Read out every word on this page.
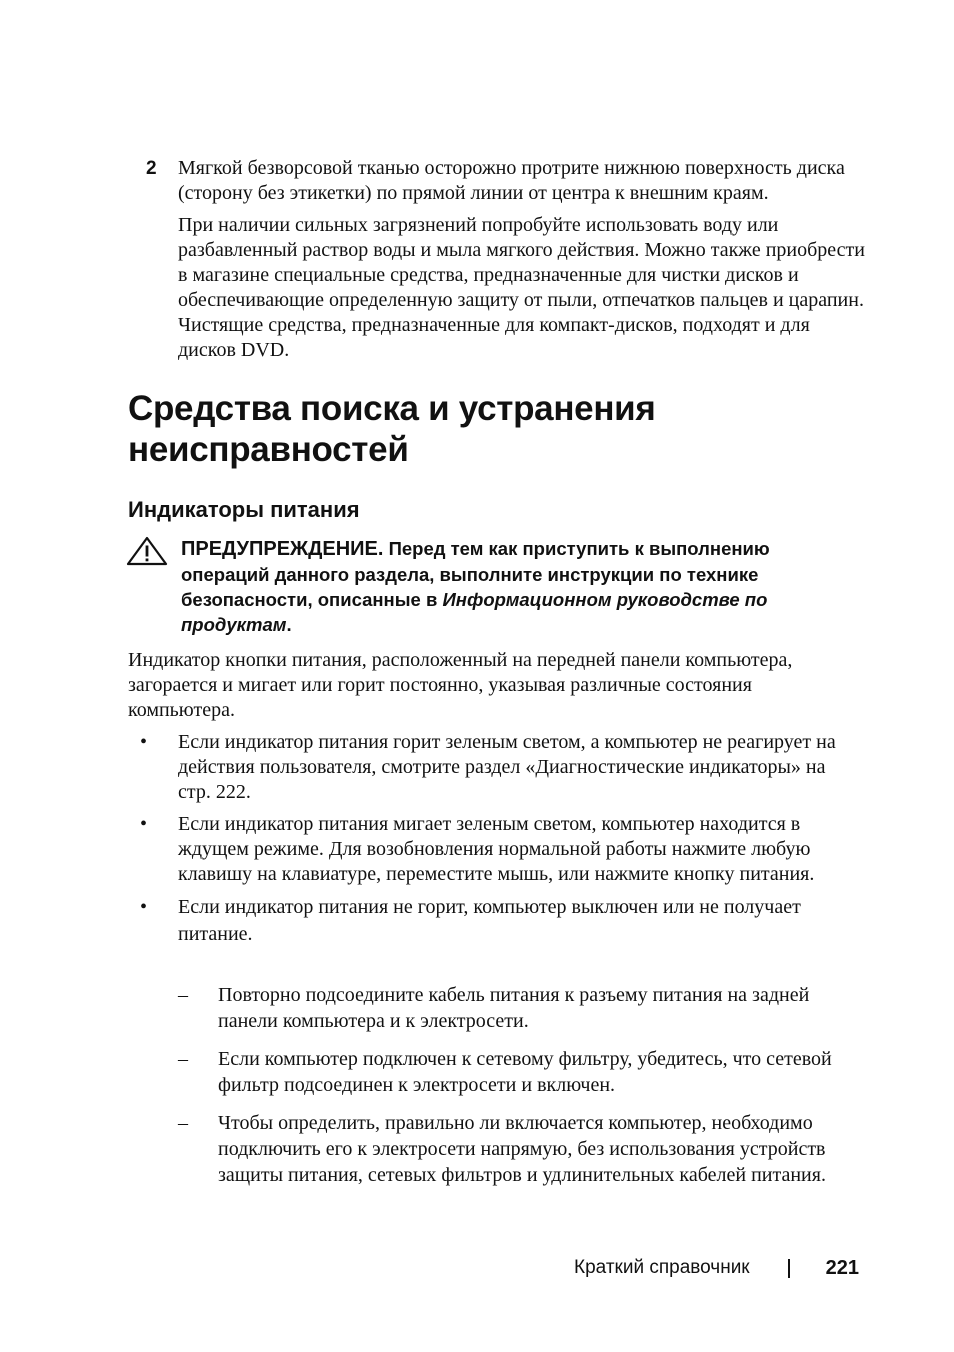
2 Мягкой безворсовой тканью осторожно протрите нижнюю поверхность диска (сторону без этикетки) по прямой линии от центра к внешним краям.

При наличии сильных загрязнений попробуйте использовать воду или разбавленный раствор воды и мыла мягкого действия. Можно также приобрести в магазине специальные средства, предназначенные для чистки дисков и обеспечивающие определенную защиту от пыли, отпечатков пальцев и царапин. Чистящие средства, предназначенные для компакт-дисков, подходят и для дисков DVD.

Средства поиска и устранения неисправностей
Индикаторы питания
ПРЕДУПРЕЖДЕНИЕ. Перед тем как приступить к выполнению операций данного раздела, выполните инструкции по технике безопасности, описанные в Информационном руководстве по продуктам.

Индикатор кнопки питания, расположенный на передней панели компьютера, загорается и мигает или горит постоянно, указывая различные состояния компьютера.

• Если индикатор питания горит зеленым светом, а компьютер не реагирует на действия пользователя, смотрите раздел «Диагностические индикаторы» на стр. 222.
• Если индикатор питания мигает зеленым светом, компьютер находится в ждущем режиме. Для возобновления нормальной работы нажмите любую клавишу на клавиатуре, переместите мышь, или нажмите кнопку питания.
• Если индикатор питания не горит, компьютер выключен или не получает питание.
– Повторно подсоедините кабель питания к разъему питания на задней панели компьютера и к электросети.
– Если компьютер подключен к сетевому фильтру, убедитесь, что сетевой фильтр подсоединен к электросети и включен.
– Чтобы определить, правильно ли включается компьютер, необходимо подключить его к электросети напрямую, без использования устройств защиты питания, сетевых фильтров и удлинительных кабелей питания.
Краткий справочник	221
